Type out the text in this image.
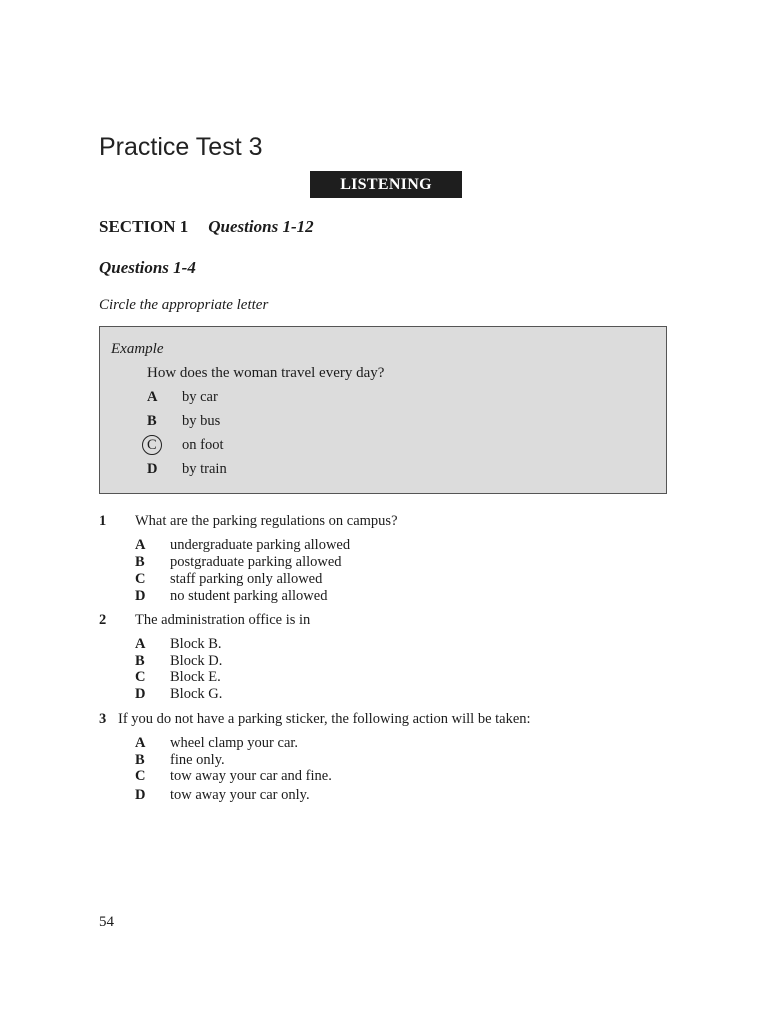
Practice Test 3
LISTENING
SECTION 1 Questions 1-12
Questions 1-4
Circle the appropriate letter
Example
How does the woman travel every day?
A by car
B by bus
C on foot
D by train
1 What are the parking regulations on campus?
A undergraduate parking allowed
B postgraduate parking allowed
C staff parking only allowed
D no student parking allowed
2 The administration office is in
A Block B.
B Block D.
C Block E.
D Block G.
3 If you do not have a parking sticker, the following action will be taken:
A wheel clamp your car.
B fine only.
C tow away your car and fine.
D tow away your car only.
54
